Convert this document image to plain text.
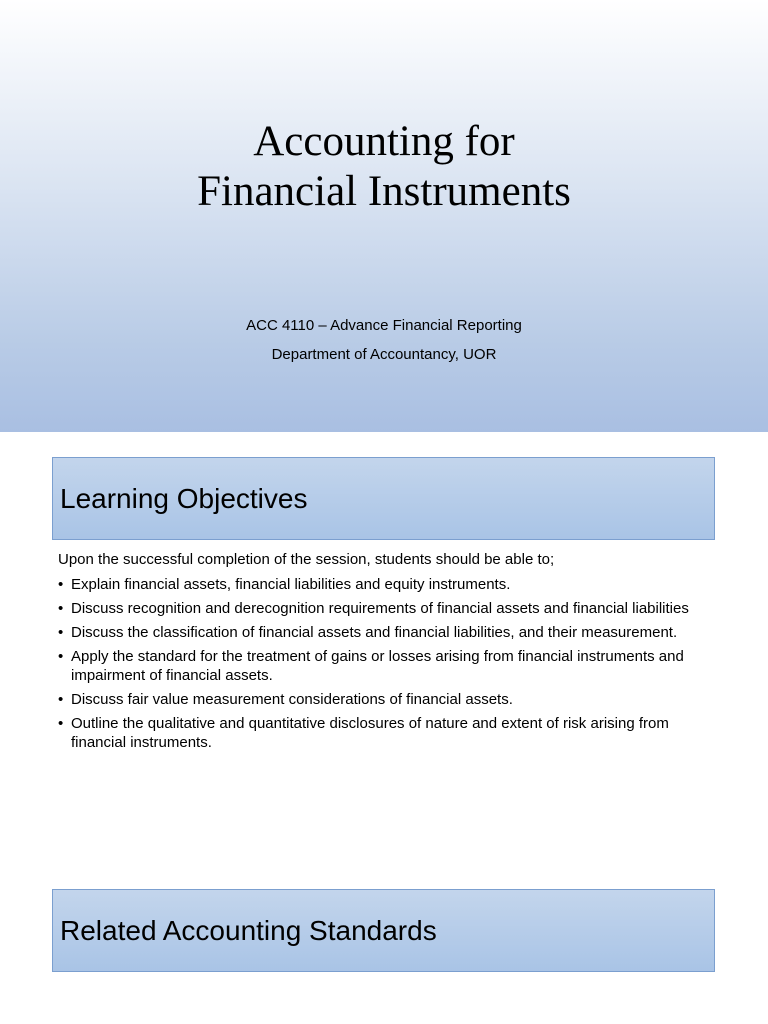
Accounting for
Financial Instruments
ACC 4110 – Advance Financial Reporting
Department of Accountancy, UOR
Learning Objectives

Upon the successful completion of the session, students should be able to;

• Explain financial assets, financial liabilities and equity instruments.
• Discuss recognition and derecognition requirements of financial assets and financial liabilities
• Discuss the classification of financial assets and financial liabilities, and their measurement.
• Apply the standard for the treatment of gains or losses arising from financial instruments and impairment of financial assets.
• Discuss fair value measurement considerations of financial assets.
• Outline the qualitative and quantitative disclosures of nature and extent of risk arising from financial instruments.
Related Accounting Standards
